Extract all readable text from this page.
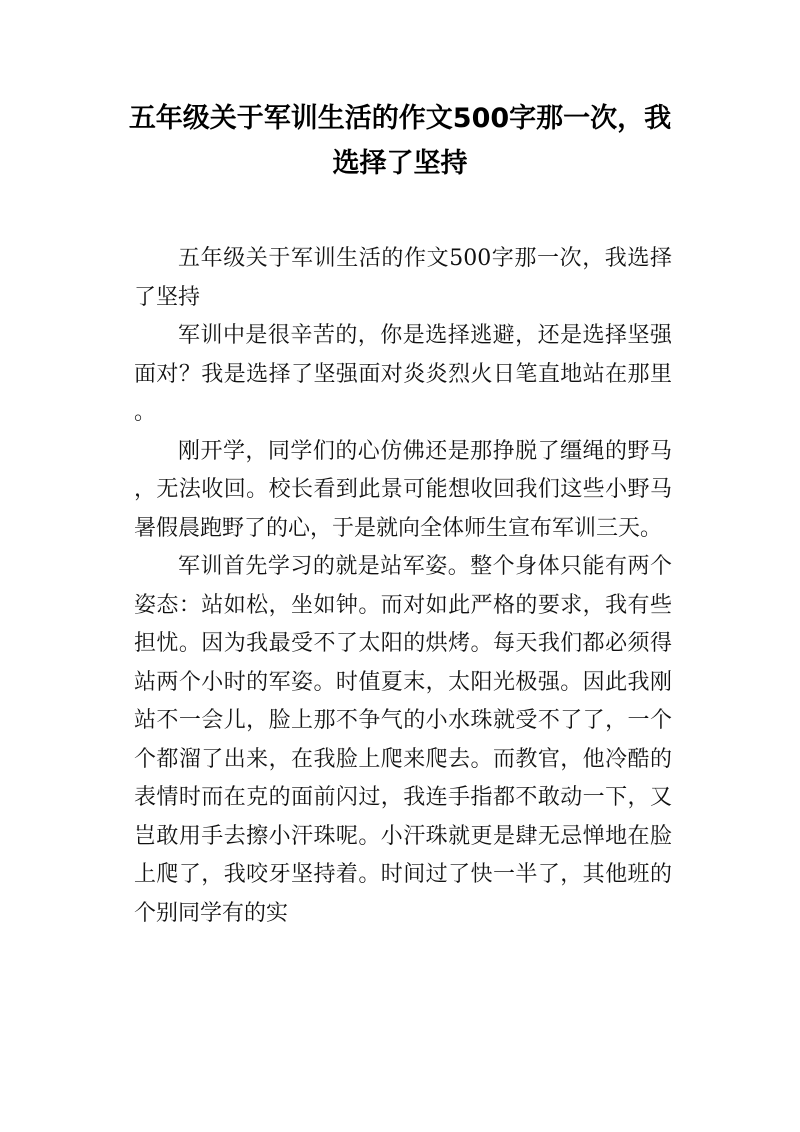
五年级关于军训生活的作文500字那一次，我选择了坚持

五年级关于军训生活的作文500字那一次，我选择了坚持

军训中是很辛苦的，你是选择逃避，还是选择坚强面对？我是选择了坚强面对炎炎烈火日笔直地站在那里。

刚开学，同学们的心仿佛还是那挣脱了缰绳的野马，无法收回。校长看到此景可能想收回我们这些小野马暑假晨跑野了的心，于是就向全体师生宣布军训三天。

军训首先学习的就是站军姿。整个身体只能有两个姿态：站如松，坐如钟。而对如此严格的要求，我有些担忧。因为我最受不了太阳的烘烤。每天我们都必须得站两个小时的军姿。时值夏末，太阳光极强。因此我刚站不一会儿，脸上那不争气的小水珠就受不了了，一个个都溜了出来，在我脸上爬来爬去。而教官，他冷酷的表情时而在克的面前闪过，我连手指都不敢动一下，又岂敢用手去擦小汗珠呢。小汗珠就更是肆无忌惮地在脸上爬了，我咬牙坚持着。时间过了快一半了，其他班的个别同学有的实
